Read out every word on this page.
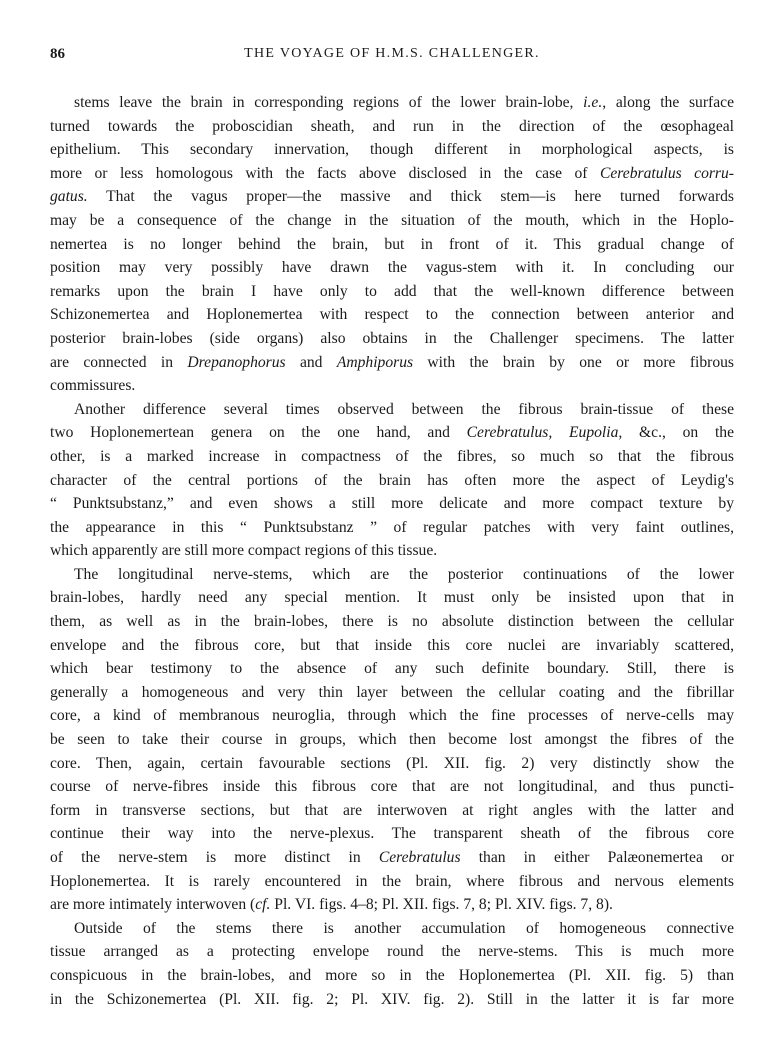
86	THE VOYAGE OF H.M.S. CHALLENGER.
stems leave the brain in corresponding regions of the lower brain-lobe, i.e., along the surface
turned towards the proboscidian sheath, and run in the direction of the œsophageal
epithelium. This secondary innervation, though different in morphological aspects, is
more or less homologous with the facts above disclosed in the case of Cerebratulus corru-
gatus. That the vagus proper—the massive and thick stem—is here turned forwards
may be a consequence of the change in the situation of the mouth, which in the Hoplo-
nemertea is no longer behind the brain, but in front of it. This gradual change of
position may very possibly have drawn the vagus-stem with it. In concluding our
remarks upon the brain I have only to add that the well-known difference between
Schizonemertea and Hoplonemertea with respect to the connection between anterior and
posterior brain-lobes (side organs) also obtains in the Challenger specimens. The latter
are connected in Drepanophorus and Amphiporus with the brain by one or more fibrous
commissures.
Another difference several times observed between the fibrous brain-tissue of these
two Hoplonemertean genera on the one hand, and Cerebratulus, Eupolia, &c., on the
other, is a marked increase in compactness of the fibres, so much so that the fibrous
character of the central portions of the brain has often more the aspect of Leydig's
“ Punktsubstanz,” and even shows a still more delicate and more compact texture by
the appearance in this “ Punktsubstanz ” of regular patches with very faint outlines,
which apparently are still more compact regions of this tissue.
The longitudinal nerve-stems, which are the posterior continuations of the lower
brain-lobes, hardly need any special mention. It must only be insisted upon that in
them, as well as in the brain-lobes, there is no absolute distinction between the cellular
envelope and the fibrous core, but that inside this core nuclei are invariably scattered,
which bear testimony to the absence of any such definite boundary. Still, there is
generally a homogeneous and very thin layer between the cellular coating and the fibrillar
core, a kind of membranous neuroglia, through which the fine processes of nerve-cells may
be seen to take their course in groups, which then become lost amongst the fibres of the
core. Then, again, certain favourable sections (Pl. XII. fig. 2) very distinctly show the
course of nerve-fibres inside this fibrous core that are not longitudinal, and thus puncti-
form in transverse sections, but that are interwoven at right angles with the latter and
continue their way into the nerve-plexus. The transparent sheath of the fibrous core
of the nerve-stem is more distinct in Cerebratulus than in either Palæonemertea or
Hoplonemertea. It is rarely encountered in the brain, where fibrous and nervous elements
are more intimately interwoven (cf. Pl. VI. figs. 4–8; Pl. XII. figs. 7, 8; Pl. XIV. figs. 7, 8).
Outside of the stems there is another accumulation of homogeneous connective
tissue arranged as a protecting envelope round the nerve-stems. This is much more
conspicuous in the brain-lobes, and more so in the Hoplonemertea (Pl. XII. fig. 5) than
in the Schizonemertea (Pl. XII. fig. 2; Pl. XIV. fig. 2). Still in the latter it is far more
